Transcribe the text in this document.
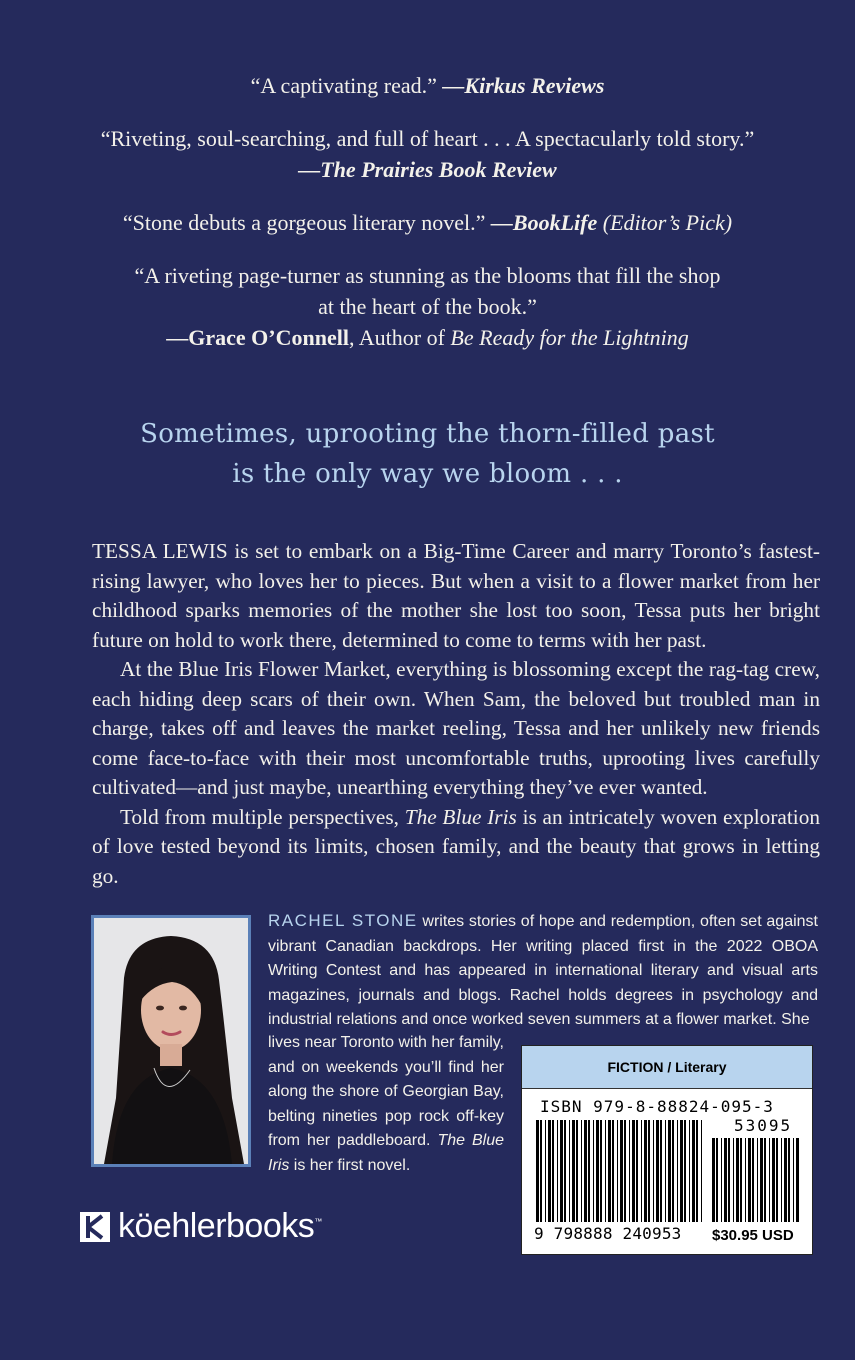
“A captivating read.” —Kirkus Reviews
“Riveting, soul-searching, and full of heart . . . A spectacularly told story.”
—The Prairies Book Review
“Stone debuts a gorgeous literary novel.” —BookLife (Editor’s Pick)
“A riveting page-turner as stunning as the blooms that fill the shop
at the heart of the book.”
—Grace O’Connell, Author of Be Ready for the Lightning
Sometimes, uprooting the thorn-filled past
is the only way we bloom . . .

TESSA LEWIS is set to embark on a Big-Time Career and marry Toronto’s fastest-rising lawyer, who loves her to pieces. But when a visit to a flower market from her childhood sparks memories of the mother she lost too soon, Tessa puts her bright future on hold to work there, determined to come to terms with her past.

At the Blue Iris Flower Market, everything is blossoming except the rag-tag crew, each hiding deep scars of their own. When Sam, the beloved but troubled man in charge, takes off and leaves the market reeling, Tessa and her unlikely new friends come face-to-face with their most uncomfortable truths, uprooting lives carefully cultivated—and just maybe, unearthing everything they’ve ever wanted.

Told from multiple perspectives, The Blue Iris is an intricately woven exploration of love tested beyond its limits, chosen family, and the beauty that grows in letting go.

RACHEL STONE writes stories of hope and redemption, often set against vibrant Canadian backdrops. Her writing placed first in the 2022 OBOA Writing Contest and has appeared in international literary and visual arts magazines, journals and blogs. Rachel holds degrees in psychology and industrial relations and once worked seven summers at a flower market. She
lives near Toronto with her family, and on weekends you’ll find her along the shore of Georgian Bay, belting nineties pop rock off-key from her paddleboard. The Blue Iris is her first novel.
FICTION / Literary
ISBN 979-8-88824-095-3
53095
9 798888 240953 $30.95 USD
köehlerbooks ™
